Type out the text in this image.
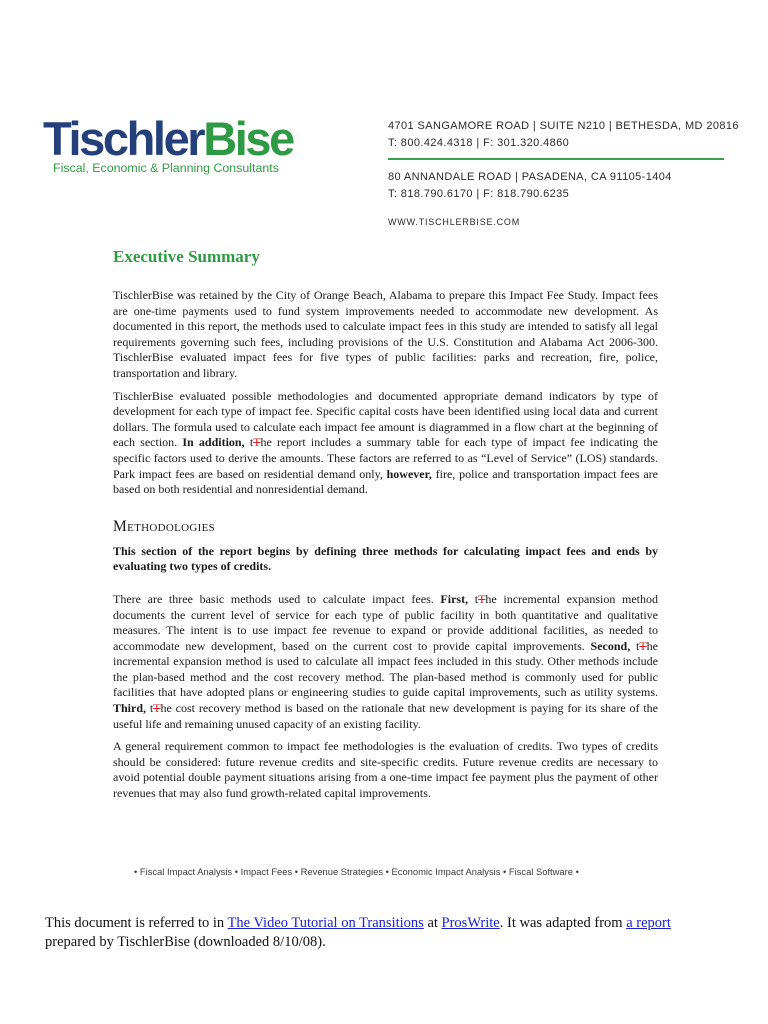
TischlerBise
Fiscal, Economic & Planning Consultants
4701 SANGAMORE ROAD | SUITE N210 | BETHESDA, MD 20816
T: 800.424.4318 | F: 301.320.4860
80 ANNANDALE ROAD | PASADENA, CA 91105-1404
T: 818.790.6170 | F: 818.790.6235
WWW.TISCHLERBISE.COM
Executive Summary

TischlerBise was retained by the City of Orange Beach, Alabama to prepare this Impact Fee Study. Impact fees are one-time payments used to fund system improvements needed to accommodate new development. As documented in this report, the methods used to calculate impact fees in this study are intended to satisfy all legal requirements governing such fees, including provisions of the U.S. Constitution and Alabama Act 2006-300. TischlerBise evaluated impact fees for five types of public facilities: parks and recreation, fire, police, transportation and library.

TischlerBise evaluated possible methodologies and documented appropriate demand indicators by type of development for each type of impact fee. Specific capital costs have been identified using local data and current dollars. The formula used to calculate each impact fee amount is diagrammed in a flow chart at the beginning of each section. In addition, tThe report includes a summary table for each type of impact fee indicating the specific factors used to derive the amounts. These factors are referred to as “Level of Service” (LOS) standards. Park impact fees are based on residential demand only, however, fire, police and transportation impact fees are based on both residential and nonresidential demand.

Methodologies

This section of the report begins by defining three methods for calculating impact fees and ends by evaluating two types of credits.

There are three basic methods used to calculate impact fees. First, tThe incremental expansion method documents the current level of service for each type of public facility in both quantitative and qualitative measures. The intent is to use impact fee revenue to expand or provide additional facilities, as needed to accommodate new development, based on the current cost to provide capital improvements. Second, tThe incremental expansion method is used to calculate all impact fees included in this study. Other methods include the plan-based method and the cost recovery method. The plan-based method is commonly used for public facilities that have adopted plans or engineering studies to guide capital improvements, such as utility systems. Third, tThe cost recovery method is based on the rationale that new development is paying for its share of the useful life and remaining unused capacity of an existing facility.

A general requirement common to impact fee methodologies is the evaluation of credits. Two types of credits should be considered: future revenue credits and site-specific credits. Future revenue credits are necessary to avoid potential double payment situations arising from a one-time impact fee payment plus the payment of other revenues that may also fund growth-related capital improvements.

• Fiscal Impact Analysis • Impact Fees • Revenue Strategies • Economic Impact Analysis • Fiscal Software •
This document is referred to in The Video Tutorial on Transitions at ProsWrite. It was adapted from a report prepared by TischlerBise (downloaded 8/10/08).
